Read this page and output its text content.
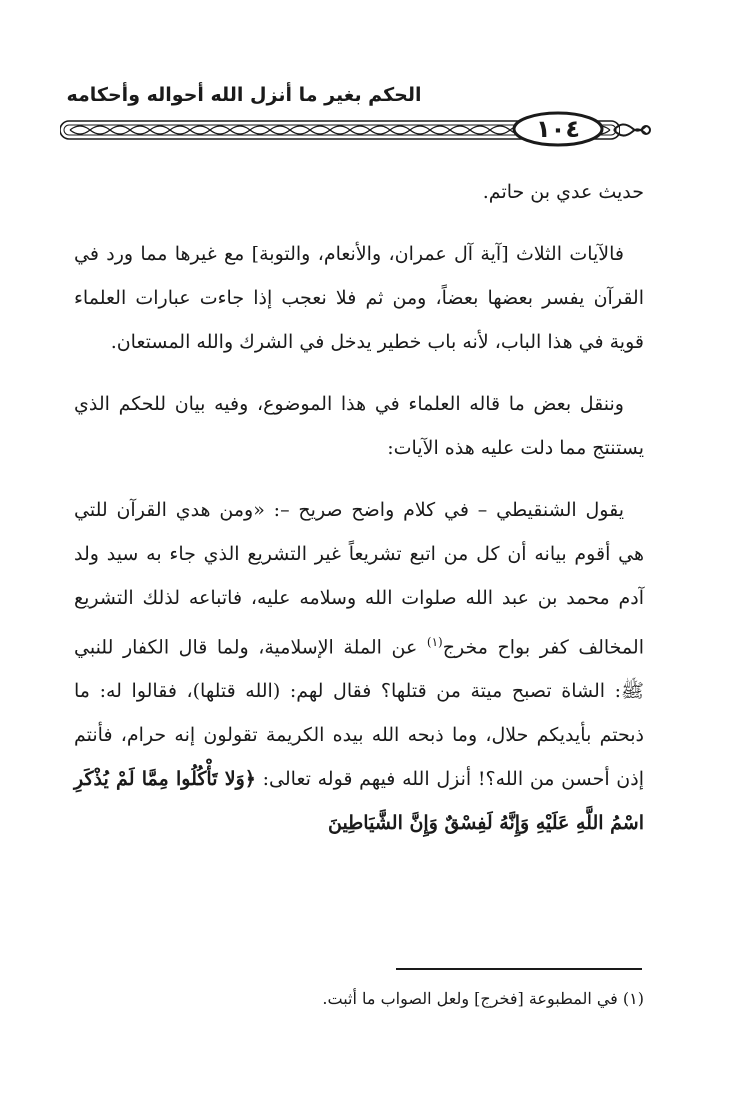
الحكم بغير ما أنزل الله أحواله وأحكامه
١٠٤

حديث عدي بن حاتم.

فالآيات الثلاث [آية آل عمران، والأنعام، والتوبة] مع غيرها مما ورد في القرآن يفسر بعضها بعضاً، ومن ثم فلا نعجب إذا جاءت عبارات العلماء قوية في هذا الباب، لأنه باب خطير يدخل في الشرك والله المستعان.

وننقل بعض ما قاله العلماء في هذا الموضوع، وفيه بيان للحكم الذي يستنتج مما دلت عليه هذه الآيات:

يقول الشنقيطي – في كلام واضح صريح –: «ومن هدي القرآن للتي هي أقوم بيانه أن كل من اتبع تشريعاً غير التشريع الذي جاء به سيد ولد آدم محمد بن عبد الله صلوات الله وسلامه عليه، فاتباعه لذلك التشريع المخالف كفر بواح مخرج$^{(١)}$ عن الملة الإسلامية، ولما قال الكفار للنبي ﷺ: الشاة تصبح ميتة من قتلها؟ فقال لهم: (الله قتلها)، فقالوا له: ما ذبحتم بأيديكم حلال، وما ذبحه الله بيده الكريمة تقولون إنه حرام، فأنتم إذن أحسن من الله؟! أنزل الله فيهم قوله تعالى: ﴿وَلا تَأْكُلُوا مِمَّا لَمْ يُذْكَرِ اسْمُ اللَّهِ عَلَيْهِ وَإِنَّهُ لَفِسْقٌ وَإِنَّ الشَّيَاطِينَ

(١) في المطبوعة [فخرج] ولعل الصواب ما أثبت.
